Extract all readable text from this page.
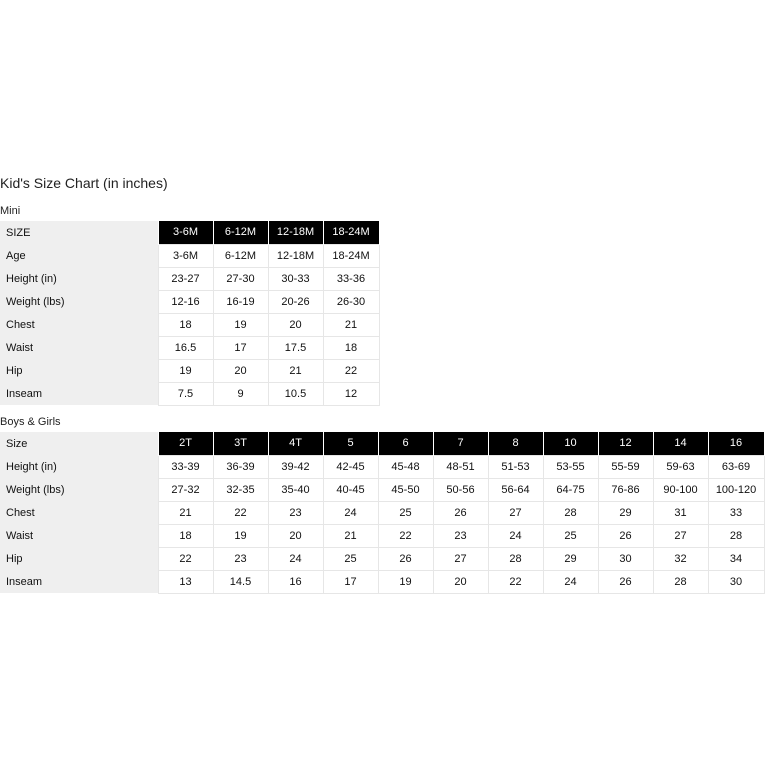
Kid's Size Chart (in inches)
Mini
SIZE	3-6M	6-12M	12-18M	18-24M
Age	3-6M	6-12M	12-18M	18-24M
Height (in)	23-27	27-30	30-33	33-36
Weight (lbs)	12-16	16-19	20-26	26-30
Chest	18	19	20	21
Waist	16.5	17	17.5	18
Hip	19	20	21	22
Inseam	7.5	9	10.5	12
Boys & Girls
Size	2T	3T	4T	5	6	7	8	10	12	14	16
Height (in)	33-39	36-39	39-42	42-45	45-48	48-51	51-53	53-55	55-59	59-63	63-69
Weight (lbs)	27-32	32-35	35-40	40-45	45-50	50-56	56-64	64-75	76-86	90-100	100-120
Chest	21	22	23	24	25	26	27	28	29	31	33
Waist	18	19	20	21	22	23	24	25	26	27	28
Hip	22	23	24	25	26	27	28	29	30	32	34
Inseam	13	14.5	16	17	19	20	22	24	26	28	30
